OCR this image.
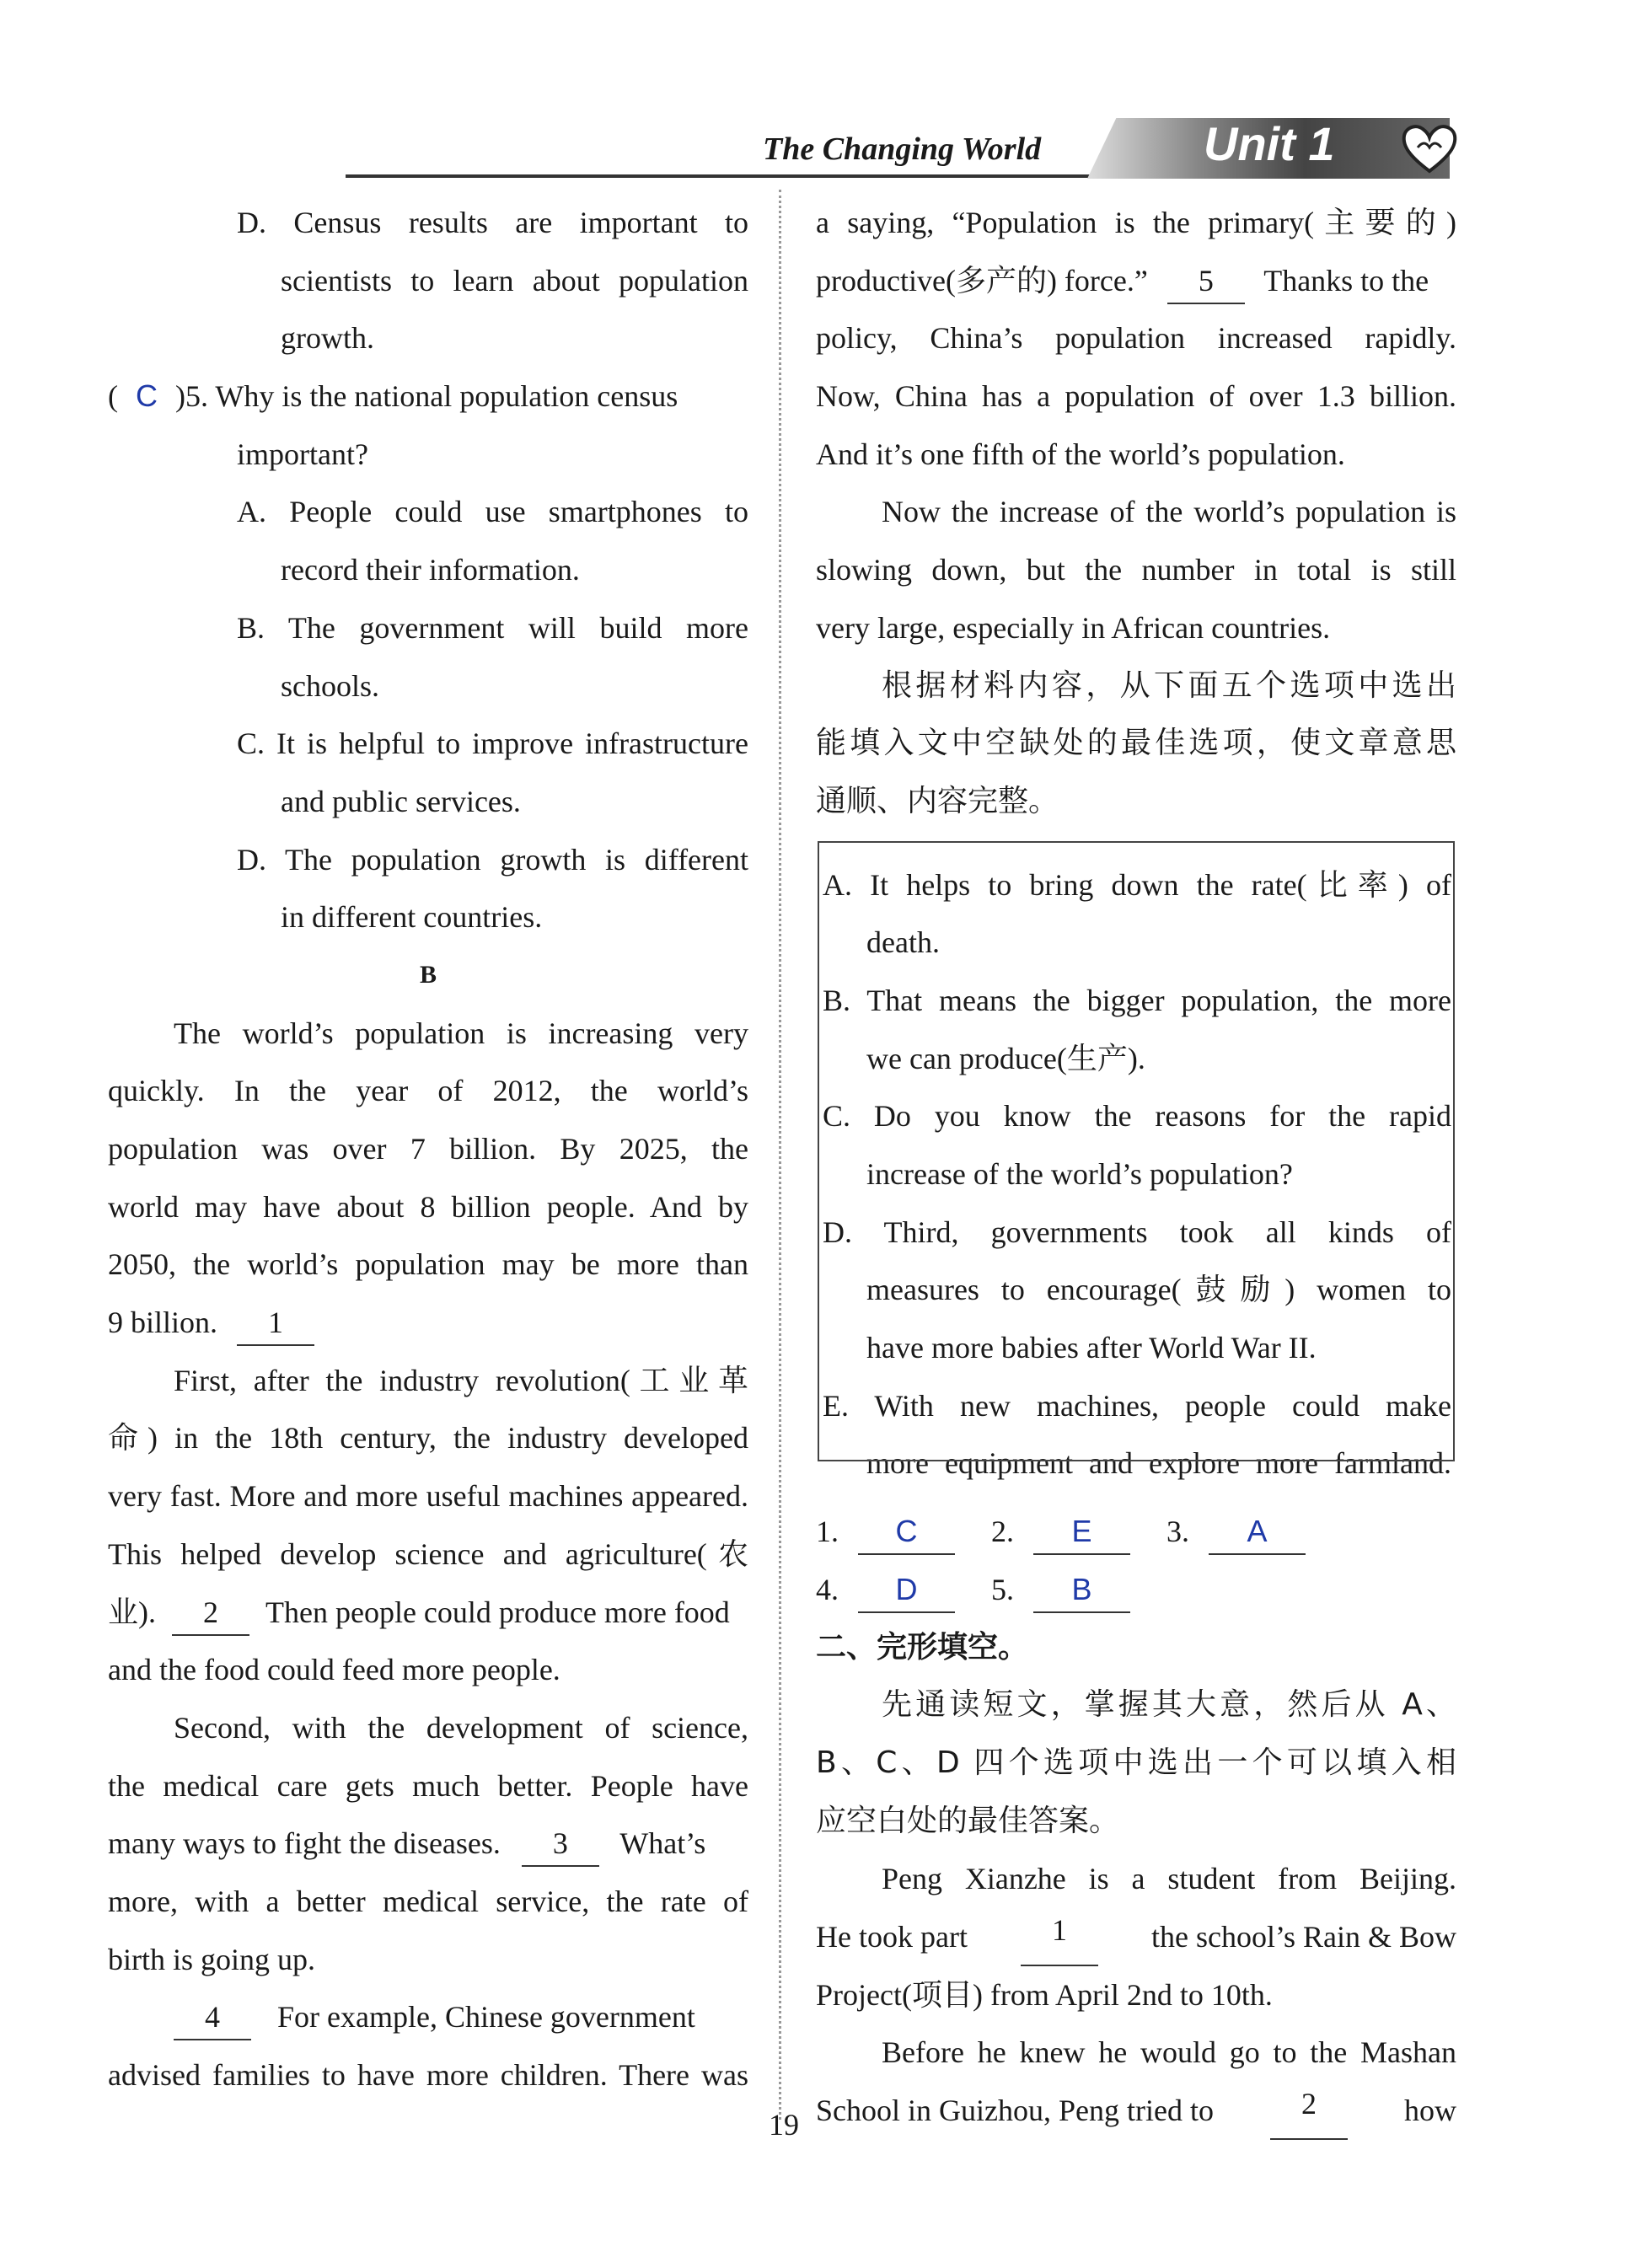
The Changing World	Unit 1
D. Census results are important to
scientists to learn about population
growth.
( C )5. Why is the national population census
important?
A. People could use smartphones to
record their information.
B. The government will build more
schools.
C. It is helpful to improve infrastructure
and public services.
D. The population growth is different
in different countries.
B
The world’s population is increasing very
quickly. In the year of 2012, the world’s
population was over 7 billion. By 2025, the
world may have about 8 billion people. And by
2050, the world’s population may be more than
9 billion. 1
First, after the industry revolution(工业革
命) in the 18th century, the industry developed
very fast. More and more useful machines appeared.
This helped develop science and agriculture(农
业). 2 Then people could produce more food
and the food could feed more people.
Second, with the development of science,
the medical care gets much better. People have
many ways to fight the diseases. 3 What’s
more, with a better medical service, the rate of
birth is going up.
4 For example, Chinese government
advised families to have more children. There was
a saying, “Population is the primary(主要的)
productive(多产的) force.” 5 Thanks to the
policy, China’s population increased rapidly.
Now, China has a population of over 1.3 billion.
And it’s one fifth of the world’s population.
Now the increase of the world’s population is
slowing down, but the number in total is still
very large, especially in African countries.
根据材料内容，从下面五个选项中选出
能填入文中空缺处的最佳选项，使文章意思
通顺、内容完整。
A. It helps to bring down the rate(比率) of
death.
B. That means the bigger population, the more
we can produce(生产).
C. Do you know the reasons for the rapid
increase of the world’s population?
D. Third, governments took all kinds of
measures to encourage(鼓励) women to
have more babies after World War II.
E. With new machines, people could make
more equipment and explore more farmland.
1. C 2. E 3. A
4. D 5. B
二、完形填空。
先通读短文，掌握其大意，然后从 A、
B、C、D 四个选项中选出一个可以填入相
应空白处的最佳答案。
Peng Xianzhe is a student from Beijing.
He took part	1	the school’s Rain & Bow
Project(项目) from April 2nd to 10th.
Before he knew he would go to the Mashan
School in Guizhou, Peng tried to	2	how
19
